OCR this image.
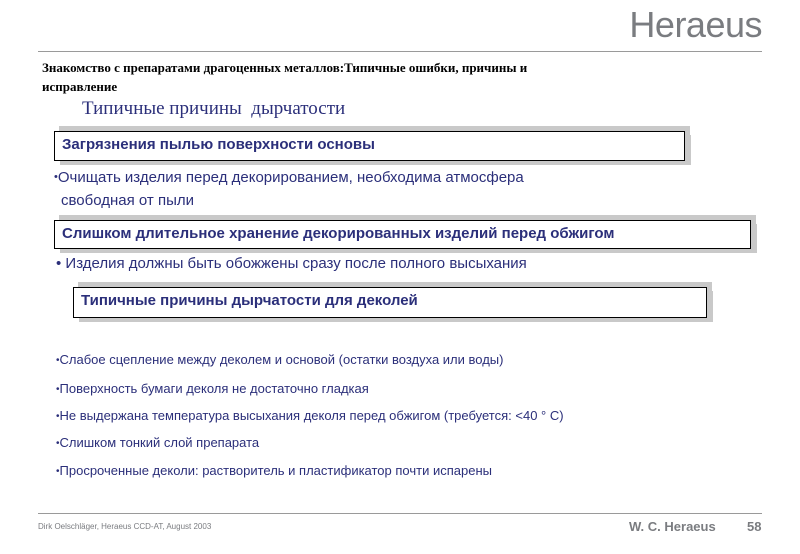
Heraeus
Знакомство с препаратами драгоценных металлов:Типичные ошибки, причины и исправление
Типичные причины  дырчатости
Загрязнения пылью поверхности основы
•Очищать изделия перед декорированием, необходима атмосфера
свободная от пыли
Слишком длительное хранение декорированных изделий перед обжигом
• Изделия должны быть обожжены сразу после полного высыхания
Типичные причины дырчатости для деколей
•Слабое сцепление между деколем и основой (остатки воздуха или воды)
•Поверхность бумаги деколя не достаточно гладкая
•Не выдержана температура высыхания деколя перед обжигом (требуется: <40 ° C)
•Слишком тонкий слой препарата
•Просроченные деколи: растворитель и пластификатор почти испарены
Dirk Oelschläger, Heraeus CCD-AT, August 2003	W. C. Heraeus 58
